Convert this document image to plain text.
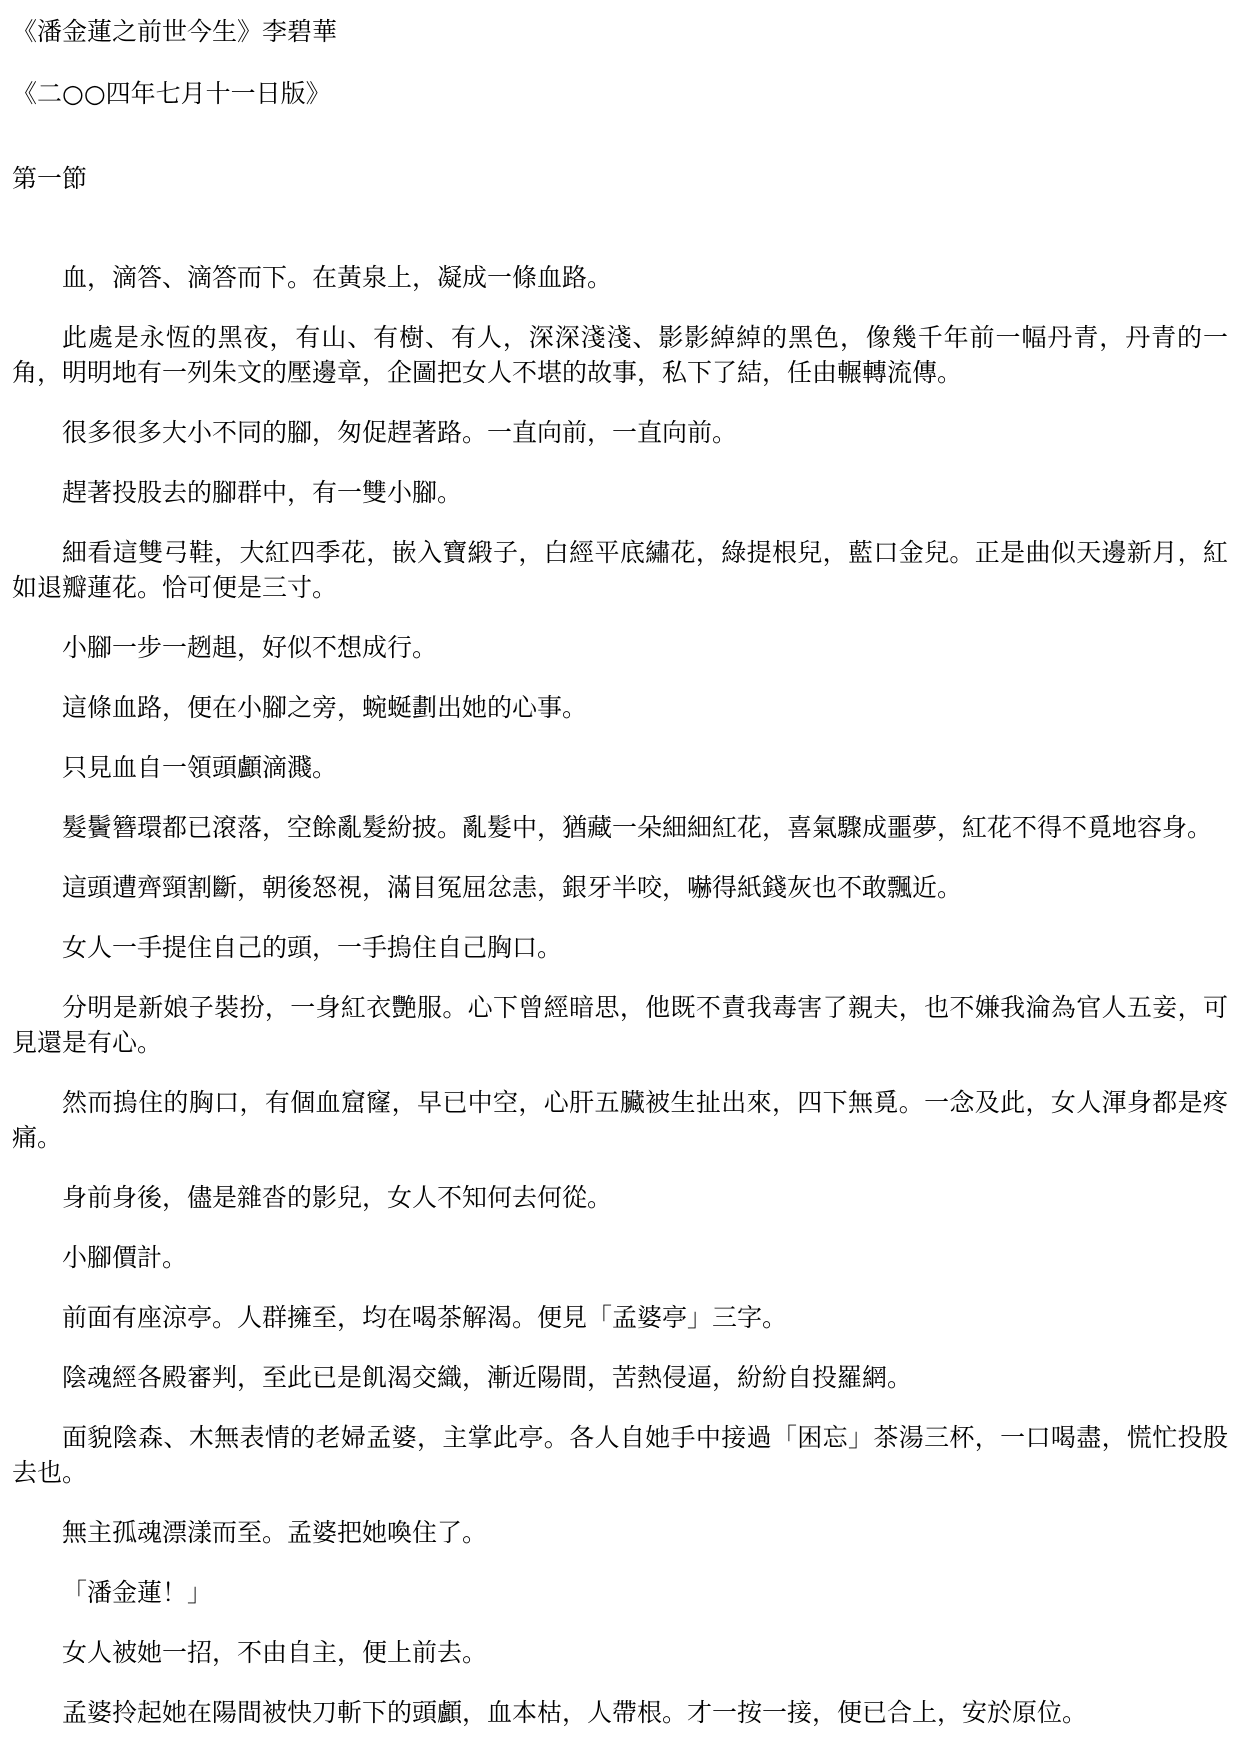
《潘金蓮之前世今生》李碧華
《二○○四年七月十一日版》
第一節
血，滴答、滴答而下。在黃泉上，凝成一條血路。
此處是永恆的黑夜，有山、有樹、有人，深深淺淺、影影綽綽的黑色，像幾千年前一幅丹青，丹青的一角，明明地有一列朱文的壓邊章，企圖把女人不堪的故事，私下了結，任由輾轉流傳。
很多很多大小不同的腳，匆促趕著路。一直向前，一直向前。
趕著投股去的腳群中，有一雙小腳。
細看這雙弓鞋，大紅四季花，嵌入寶緞子，白經平底繡花，綠提根兒，藍口金兒。正是曲似天邊新月，紅如退瓣蓮花。恰可便是三寸。
小腳一步一趔趄，好似不想成行。
這條血路，便在小腳之旁，蜿蜒劃出她的心事。
只見血自一領頭顱滴濺。
髮鬢簪環都已滾落，空餘亂髮紛披。亂髮中，猶藏一朵細細紅花，喜氣驟成噩夢，紅花不得不覓地容身。
這頭遭齊頸割斷，朝後怒視，滿目冤屈忿恚，銀牙半咬，嚇得紙錢灰也不敢飄近。
女人一手提住自己的頭，一手摀住自己胸口。
分明是新娘子裝扮，一身紅衣艷服。心下曾經暗思，他既不責我毒害了親夫，也不嫌我淪為官人五妾，可見還是有心。
然而摀住的胸口，有個血窟窿，早已中空，心肝五臟被生扯出來，四下無覓。一念及此，女人渾身都是疼痛。
身前身後，儘是雜沓的影兒，女人不知何去何從。
小腳價計。
前面有座涼亭。人群擁至，均在喝茶解渴。便見「孟婆亭」三字。
陰魂經各殿審判，至此已是飢渴交織，漸近陽間，苦熱侵逼，紛紛自投羅網。
面貌陰森、木無表情的老婦孟婆，主掌此亭。各人自她手中接過「困忘」茶湯三杯，一口喝盡，慌忙投股去也。
無主孤魂漂漾而至。孟婆把她喚住了。
「潘金蓮！」
女人被她一招，不由自主，便上前去。
孟婆拎起她在陽間被快刀斬下的頭顱，血本枯，人帶根。才一按一接，便已合上，安於原位。
